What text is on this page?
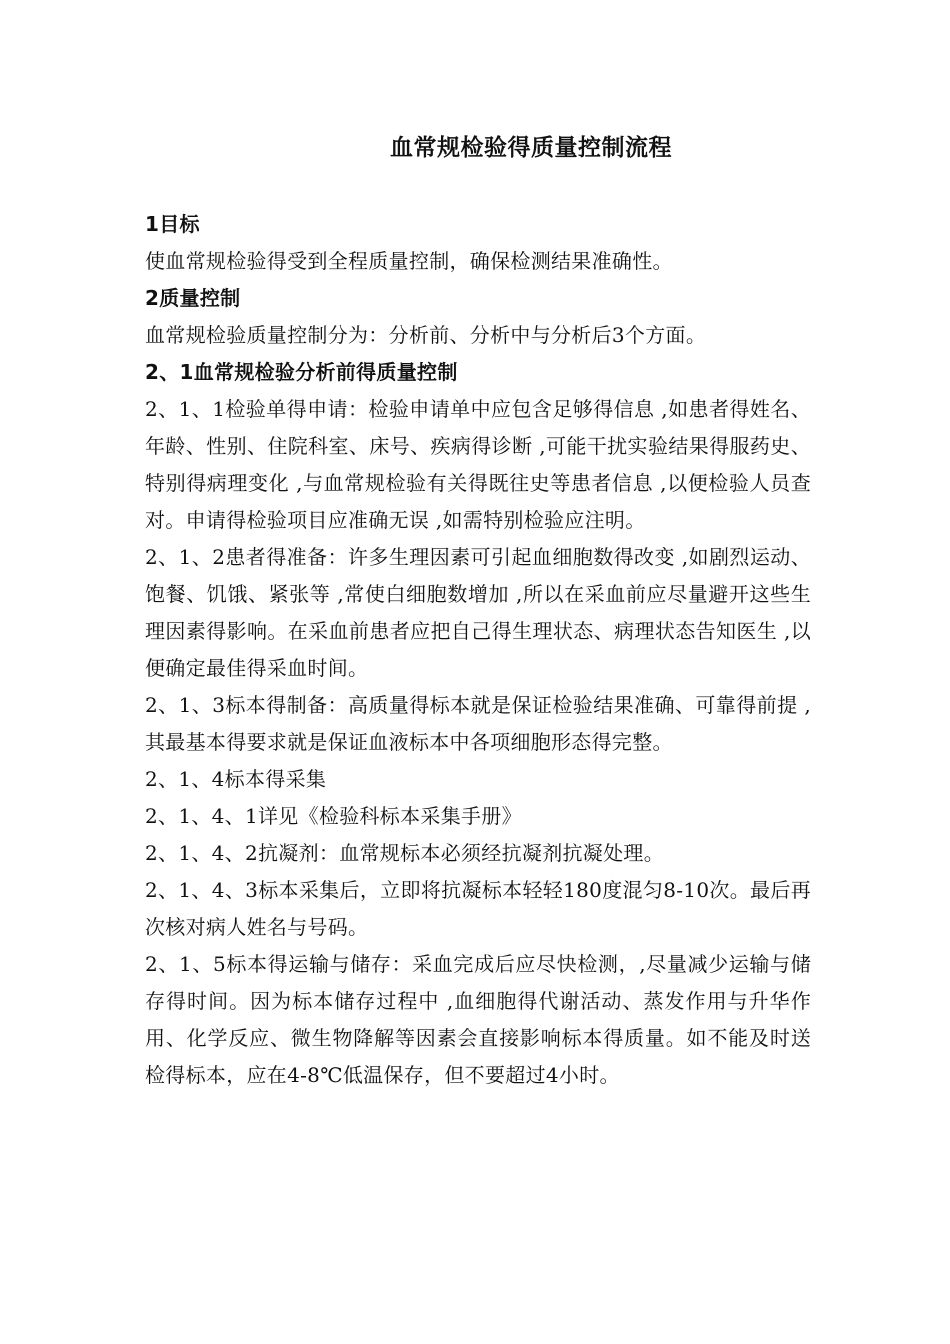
血常规检验得质量控制流程

1目标

使血常规检验得受到全程质量控制，确保检测结果准确性。

2质量控制

血常规检验质量控制分为：分析前、分析中与分析后3个方面。

2、1血常规检验分析前得质量控制

2、1、1检验单得申请：检验申请单中应包含足够得信息 ,如患者得姓名、年龄、性别、住院科室、床号、疾病得诊断 ,可能干扰实验结果得服药史、特别得病理变化 ,与血常规检验有关得既往史等患者信息 ,以便检验人员查对。申请得检验项目应准确无误 ,如需特别检验应注明。

2、1、2患者得准备：许多生理因素可引起血细胞数得改变 ,如剧烈运动、饱餐、饥饿、紧张等 ,常使白细胞数增加 ,所以在采血前应尽量避开这些生理因素得影响。在采血前患者应把自己得生理状态、病理状态告知医生 ,以便确定最佳得采血时间。

2、1、3标本得制备：高质量得标本就是保证检验结果准确、可靠得前提 ,其最基本得要求就是保证血液标本中各项细胞形态得完整。

2、1、4标本得采集

2、1、4、1详见《检验科标本采集手册》

2、1、4、2抗凝剂：血常规标本必须经抗凝剂抗凝处理。

2、1、4、3标本采集后，立即将抗凝标本轻轻180度混匀8-10次。最后再次核对病人姓名与号码。

2、1、5标本得运输与储存：采血完成后应尽快检测，,尽量减少运输与储存得时间。因为标本储存过程中 ,血细胞得代谢活动、蒸发作用与升华作用、化学反应、微生物降解等因素会直接影响标本得质量。如不能及时送检得标本，应在4-8℃低温保存，但不要超过4小时。
